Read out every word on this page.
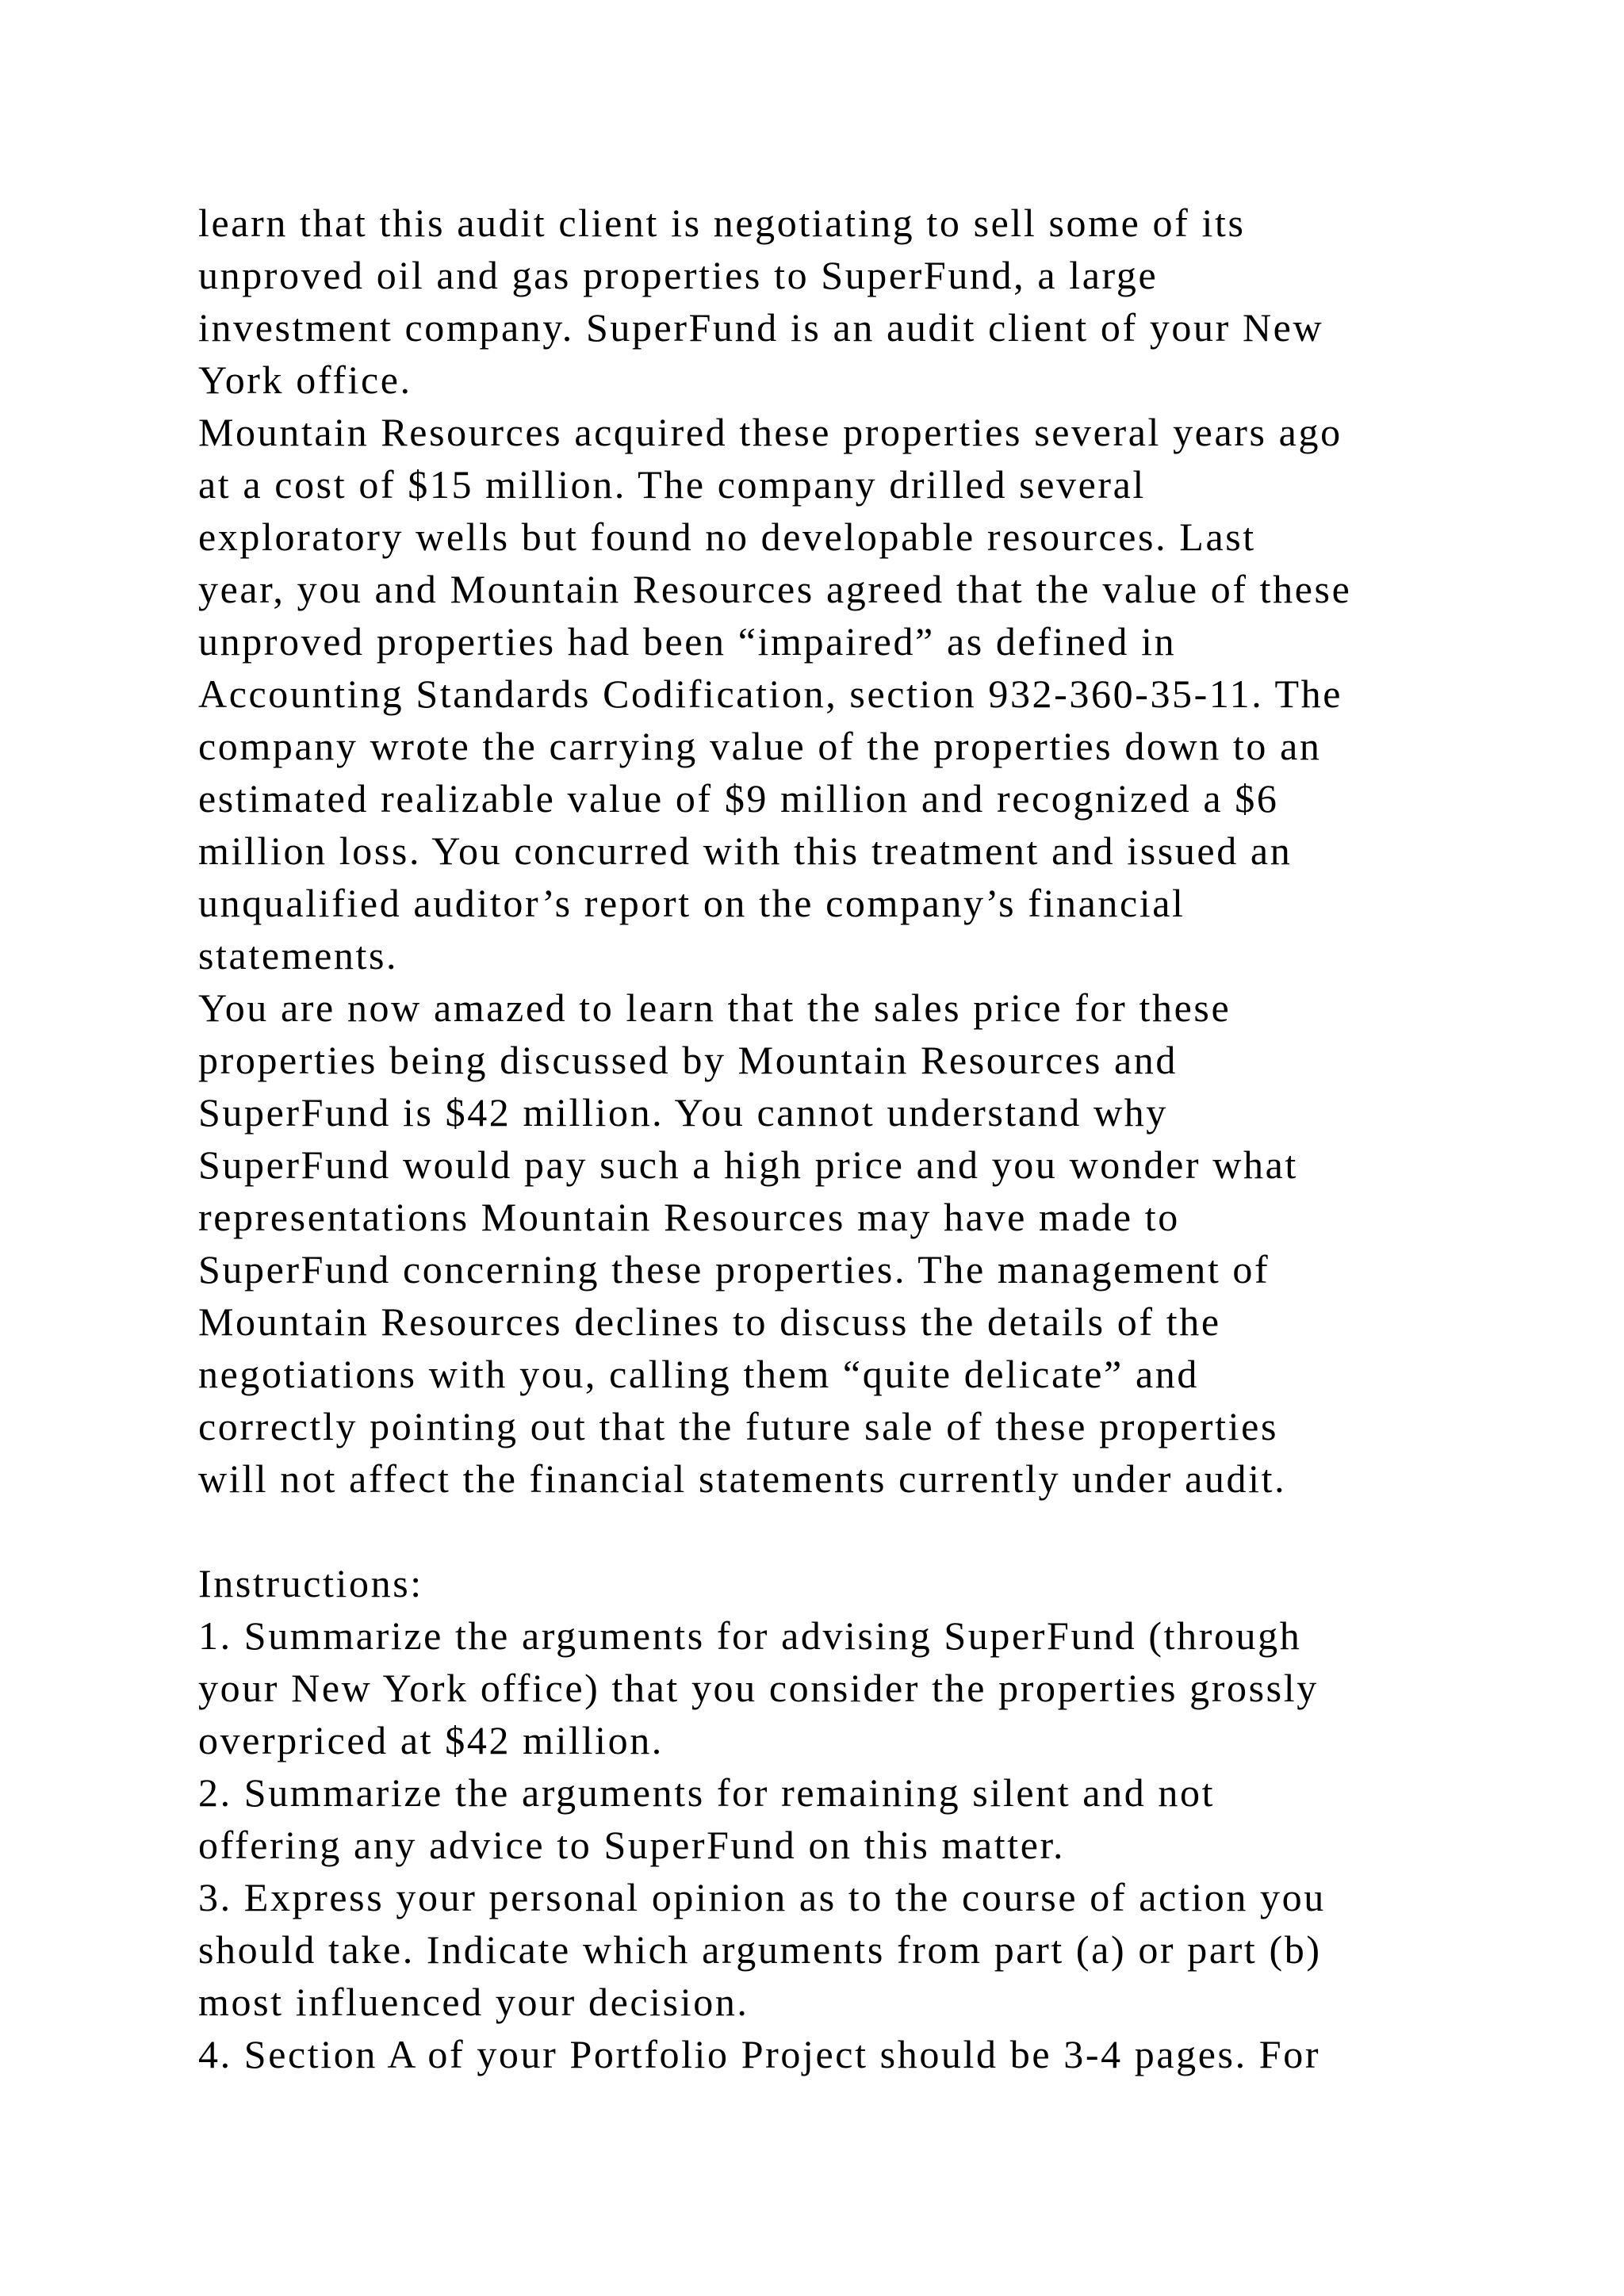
learn that this audit client is negotiating to sell some of its
unproved oil and gas properties to SuperFund, a large
investment company. SuperFund is an audit client of your New
York office.
Mountain Resources acquired these properties several years ago
at a cost of $15 million. The company drilled several
exploratory wells but found no developable resources. Last
year, you and Mountain Resources agreed that the value of these
unproved properties had been “impaired” as defined in
Accounting Standards Codification, section 932-360-35-11. The
company wrote the carrying value of the properties down to an
estimated realizable value of $9 million and recognized a $6
million loss. You concurred with this treatment and issued an
unqualified auditor’s report on the company’s financial
statements.
You are now amazed to learn that the sales price for these
properties being discussed by Mountain Resources and
SuperFund is $42 million. You cannot understand why
SuperFund would pay such a high price and you wonder what
representations Mountain Resources may have made to
SuperFund concerning these properties. The management of
Mountain Resources declines to discuss the details of the
negotiations with you, calling them “quite delicate” and
correctly pointing out that the future sale of these properties
will not affect the financial statements currently under audit.
Instructions:
1. Summarize the arguments for advising SuperFund (through
your New York office) that you consider the properties grossly
overpriced at $42 million.
2. Summarize the arguments for remaining silent and not
offering any advice to SuperFund on this matter.
3. Express your personal opinion as to the course of action you
should take. Indicate which arguments from part (a) or part (b)
most influenced your decision.
4. Section A of your Portfolio Project should be 3-4 pages. For
